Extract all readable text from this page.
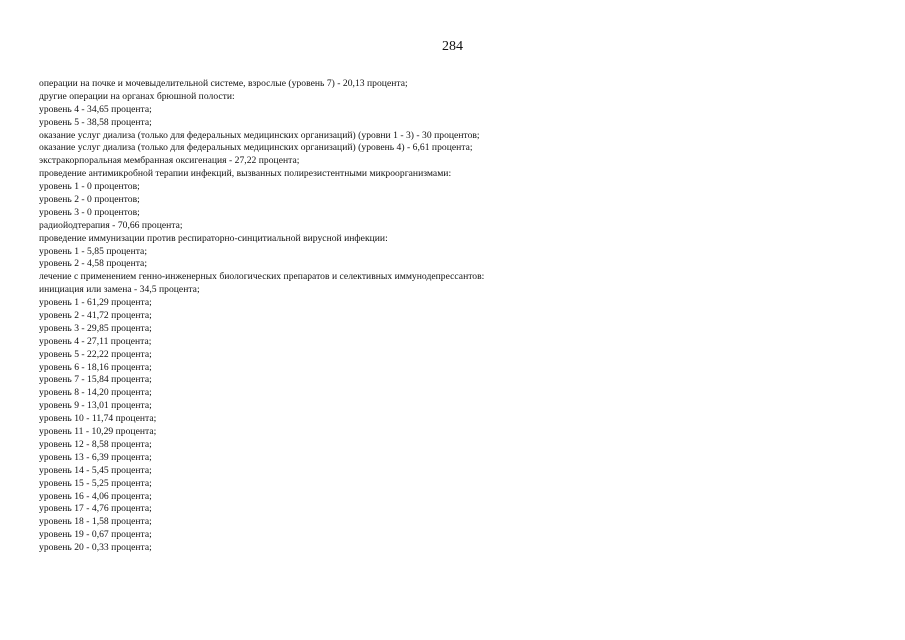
284
операции на почке и мочевыделительной системе, взрослые (уровень 7) - 20,13 процента;
другие операции на органах брюшной полости:
уровень 4 - 34,65 процента;
уровень 5 - 38,58 процента;
оказание услуг диализа (только для федеральных медицинских организаций) (уровни 1 - 3) - 30 процентов;
оказание услуг диализа (только для федеральных медицинских организаций) (уровень 4) - 6,61 процента;
экстракорпоральная мембранная оксигенация - 27,22 процента;
проведение антимикробной терапии инфекций, вызванных полирезистентными микроорганизмами:
уровень 1 - 0 процентов;
уровень 2 - 0 процентов;
уровень 3 - 0 процентов;
радиойодтерапия - 70,66 процента;
проведение иммунизации против респираторно-синцитиальной вирусной инфекции:
уровень 1 - 5,85 процента;
уровень 2 - 4,58 процента;
лечение с применением генно-инженерных биологических препаратов и селективных иммунодепрессантов:
инициация или замена - 34,5 процента;
уровень 1 - 61,29 процента;
уровень 2 - 41,72 процента;
уровень 3 - 29,85 процента;
уровень 4 - 27,11 процента;
уровень 5 - 22,22 процента;
уровень 6 - 18,16 процента;
уровень 7 - 15,84 процента;
уровень 8 - 14,20 процента;
уровень 9 - 13,01 процента;
уровень 10 - 11,74 процента;
уровень 11 - 10,29 процента;
уровень 12 - 8,58 процента;
уровень 13 - 6,39 процента;
уровень 14 - 5,45 процента;
уровень 15 - 5,25 процента;
уровень 16 - 4,06 процента;
уровень 17 - 4,76 процента;
уровень 18 - 1,58 процента;
уровень 19 - 0,67 процента;
уровень 20 - 0,33 процента;
